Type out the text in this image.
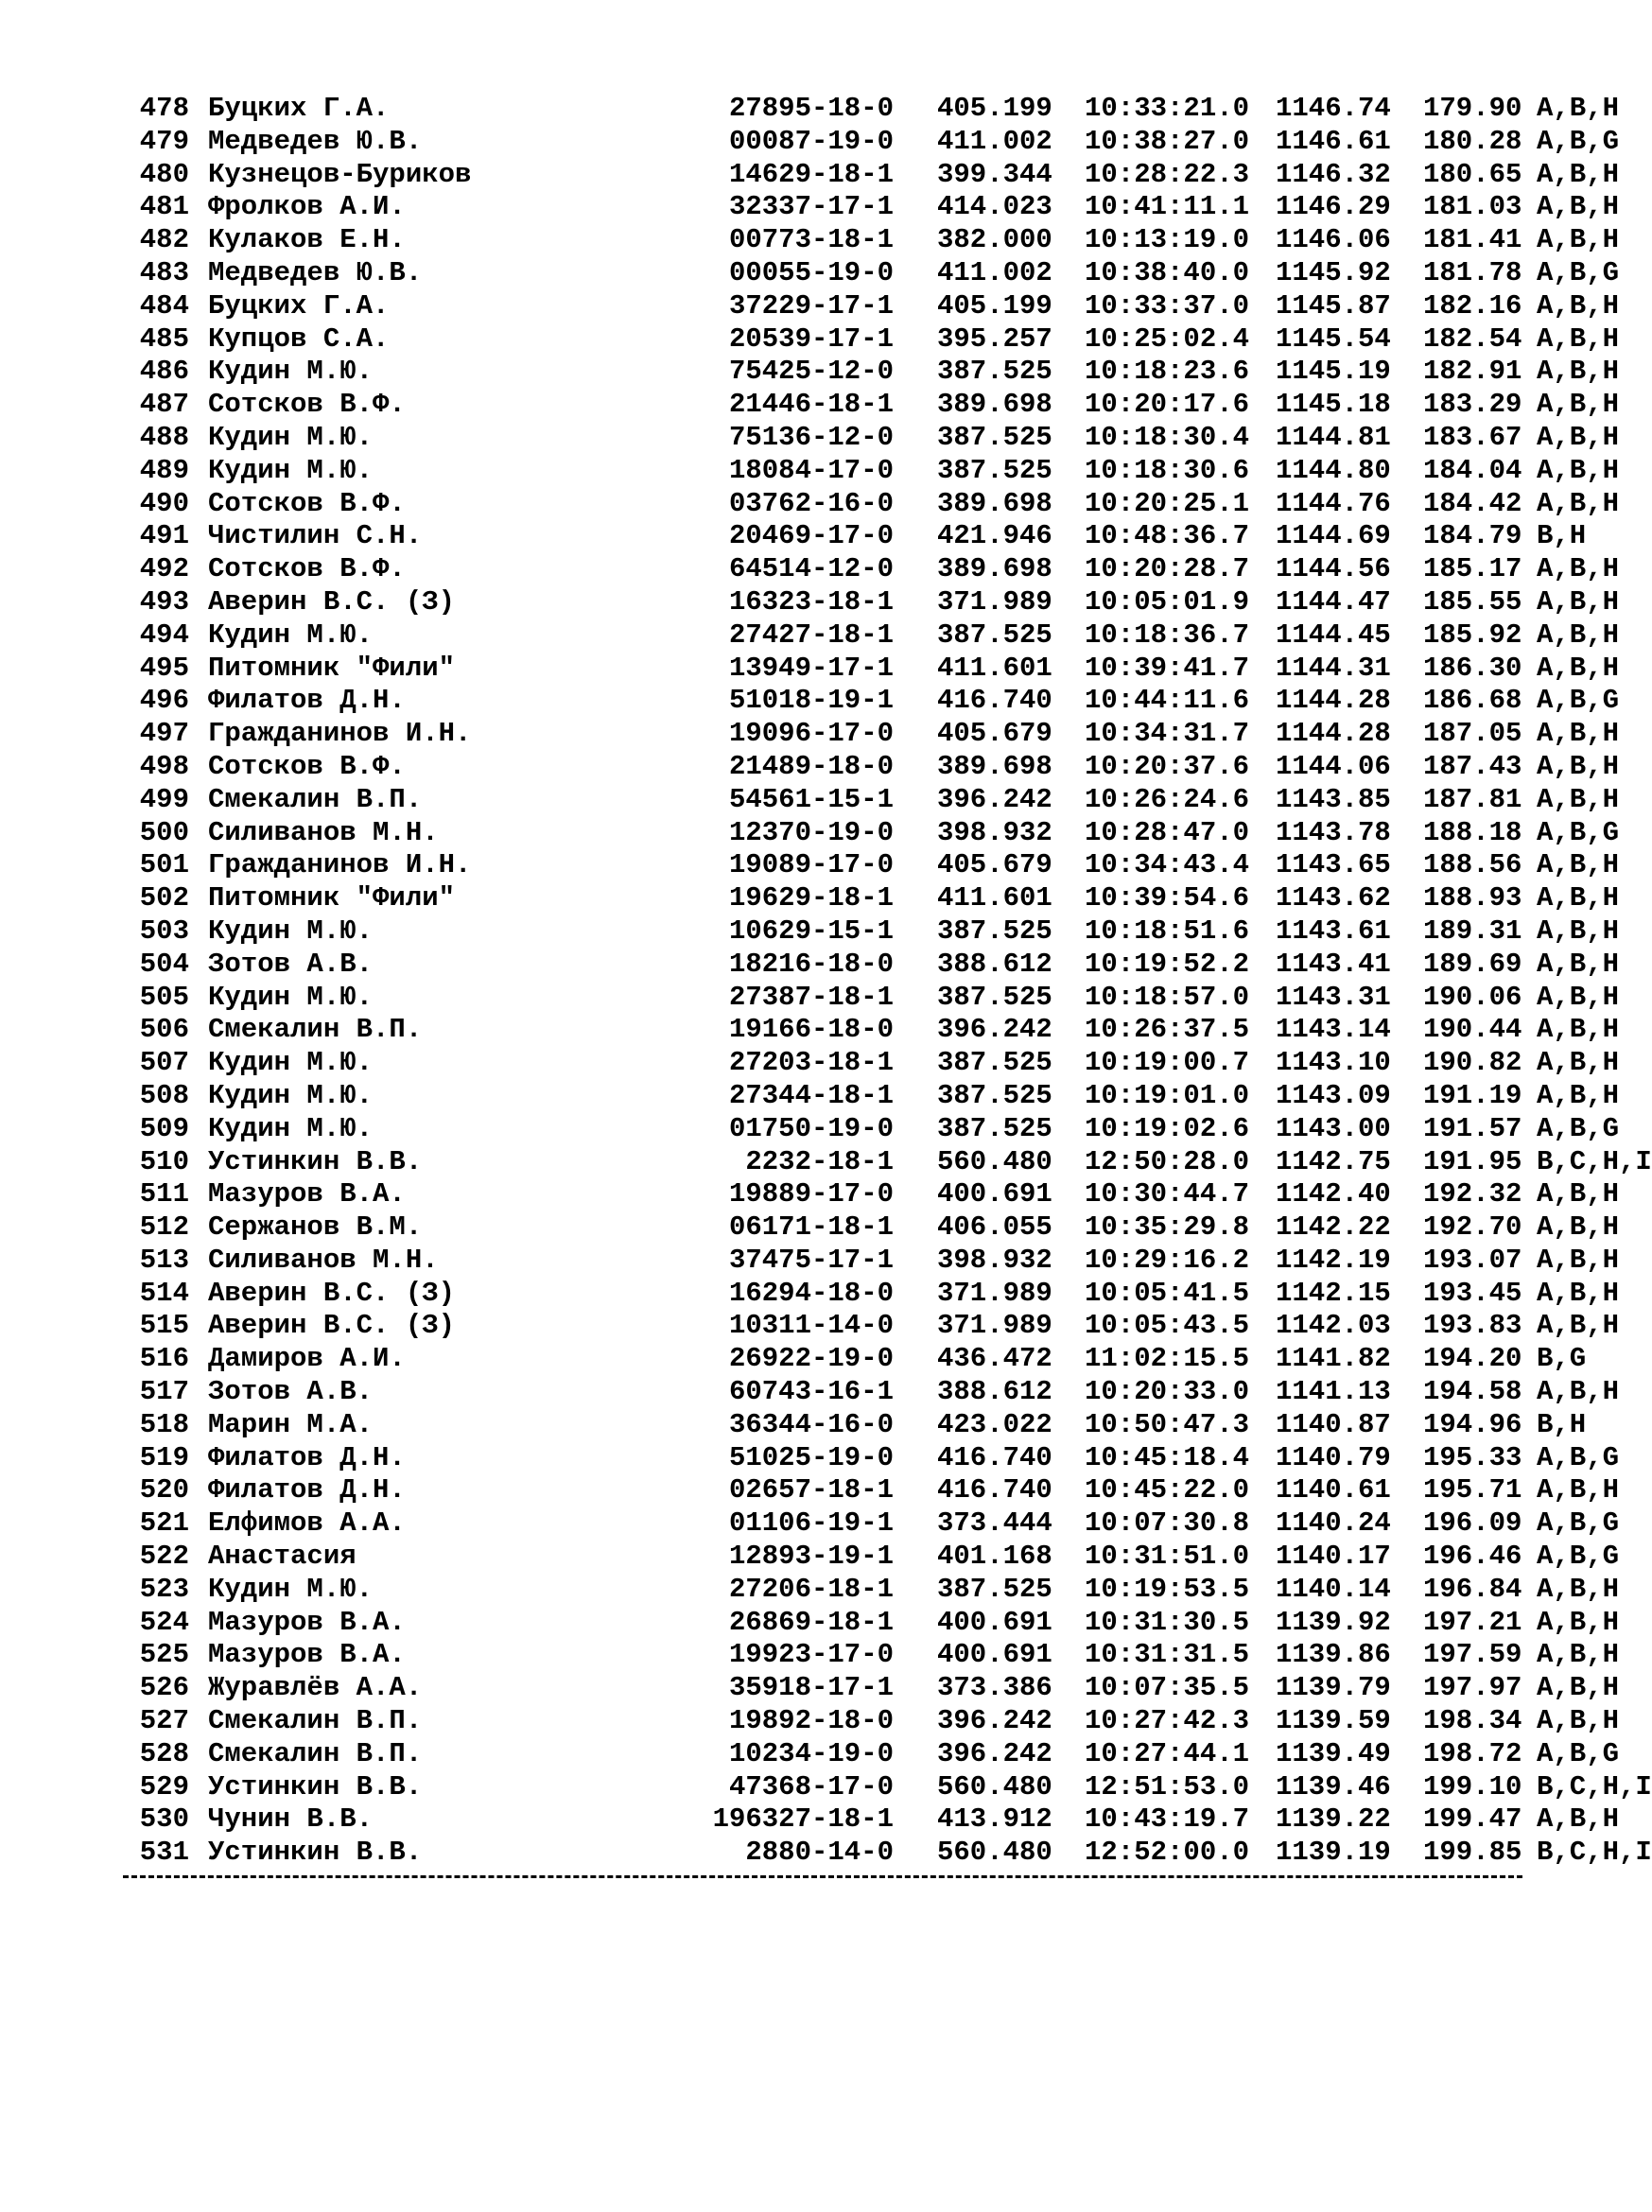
478 Буцких Г.А.	27895-18-0 405.199 10:33:21.0 1146.74 179.90 A,B,H
479 Медведев Ю.В.	00087-19-0 411.002 10:38:27.0 1146.61 180.28 A,B,G
480 Кузнецов-Буриков	14629-18-1 399.344 10:28:22.3 1146.32 180.65 A,B,H
481 Фролков А.И.	32337-17-1 414.023 10:41:11.1 1146.29 181.03 A,B,H
482 Кулаков Е.Н.	00773-18-1 382.000 10:13:19.0 1146.06 181.41 A,B,H
483 Медведев Ю.В.	00055-19-0 411.002 10:38:40.0 1145.92 181.78 A,B,G
484 Буцких Г.А.	37229-17-1 405.199 10:33:37.0 1145.87 182.16 A,B,H
485 Купцов С.А.	20539-17-1 395.257 10:25:02.4 1145.54 182.54 A,B,H
486 Кудин М.Ю.	75425-12-0 387.525 10:18:23.6 1145.19 182.91 A,B,H
487 Сотсков В.Ф.	21446-18-1 389.698 10:20:17.6 1145.18 183.29 A,B,H
488 Кудин М.Ю.	75136-12-0 387.525 10:18:30.4 1144.81 183.67 A,B,H
489 Кудин М.Ю.	18084-17-0 387.525 10:18:30.6 1144.80 184.04 A,B,H
490 Сотсков В.Ф.	03762-16-0 389.698 10:20:25.1 1144.76 184.42 A,B,H
491 Чистилин С.Н.	20469-17-0 421.946 10:48:36.7 1144.69 184.79 B,H
492 Сотсков В.Ф.	64514-12-0 389.698 10:20:28.7 1144.56 185.17 A,B,H
493 Аверин В.С. (З)	16323-18-1 371.989 10:05:01.9 1144.47 185.55 A,B,H
494 Кудин М.Ю.	27427-18-1 387.525 10:18:36.7 1144.45 185.92 A,B,H
495 Питомник "Фили"	13949-17-1 411.601 10:39:41.7 1144.31 186.30 A,B,H
496 Филатов Д.Н.	51018-19-1 416.740 10:44:11.6 1144.28 186.68 A,B,G
497 Гражданинов И.Н.	19096-17-0 405.679 10:34:31.7 1144.28 187.05 A,B,H
498 Сотсков В.Ф.	21489-18-0 389.698 10:20:37.6 1144.06 187.43 A,B,H
499 Смекалин В.П.	54561-15-1 396.242 10:26:24.6 1143.85 187.81 A,B,H
500 Силиванов М.Н.	12370-19-0 398.932 10:28:47.0 1143.78 188.18 A,B,G
501 Гражданинов И.Н.	19089-17-0 405.679 10:34:43.4 1143.65 188.56 A,B,H
502 Питомник "Фили"	19629-18-1 411.601 10:39:54.6 1143.62 188.93 A,B,H
503 Кудин М.Ю.	10629-15-1 387.525 10:18:51.6 1143.61 189.31 A,B,H
504 Зотов А.В.	18216-18-0 388.612 10:19:52.2 1143.41 189.69 A,B,H
505 Кудин М.Ю.	27387-18-1 387.525 10:18:57.0 1143.31 190.06 A,B,H
506 Смекалин В.П.	19166-18-0 396.242 10:26:37.5 1143.14 190.44 A,B,H
507 Кудин М.Ю.	27203-18-1 387.525 10:19:00.7 1143.10 190.82 A,B,H
508 Кудин М.Ю.	27344-18-1 387.525 10:19:01.0 1143.09 191.19 A,B,H
509 Кудин М.Ю.	01750-19-0 387.525 10:19:02.6 1143.00 191.57 A,B,G
510 Устинкин В.В.	2232-18-1 560.480 12:50:28.0 1142.75 191.95 B,C,H,I
511 Мазуров В.А.	19889-17-0 400.691 10:30:44.7 1142.40 192.32 A,B,H
512 Сержанов В.М.	06171-18-1 406.055 10:35:29.8 1142.22 192.70 A,B,H
513 Силиванов М.Н.	37475-17-1 398.932 10:29:16.2 1142.19 193.07 A,B,H
514 Аверин В.С. (З)	16294-18-0 371.989 10:05:41.5 1142.15 193.45 A,B,H
515 Аверин В.С. (З)	10311-14-0 371.989 10:05:43.5 1142.03 193.83 A,B,H
516 Дамиров А.И.	26922-19-0 436.472 11:02:15.5 1141.82 194.20 B,G
517 Зотов А.В.	60743-16-1 388.612 10:20:33.0 1141.13 194.58 A,B,H
518 Марин М.А.	36344-16-0 423.022 10:50:47.3 1140.87 194.96 B,H
519 Филатов Д.Н.	51025-19-0 416.740 10:45:18.4 1140.79 195.33 A,B,G
520 Филатов Д.Н.	02657-18-1 416.740 10:45:22.0 1140.61 195.71 A,B,H
521 Елфимов А.А.	01106-19-1 373.444 10:07:30.8 1140.24 196.09 A,B,G
522 Анастасия	12893-19-1 401.168 10:31:51.0 1140.17 196.46 A,B,G
523 Кудин М.Ю.	27206-18-1 387.525 10:19:53.5 1140.14 196.84 A,B,H
524 Мазуров В.А.	26869-18-1 400.691 10:31:30.5 1139.92 197.21 A,B,H
525 Мазуров В.А.	19923-17-0 400.691 10:31:31.5 1139.86 197.59 A,B,H
526 Журавлёв А.А.	35918-17-1 373.386 10:07:35.5 1139.79 197.97 A,B,H
527 Смекалин В.П.	19892-18-0 396.242 10:27:42.3 1139.59 198.34 A,B,H
528 Смекалин В.П.	10234-19-0 396.242 10:27:44.1 1139.49 198.72 A,B,G
529 Устинкин В.В.	47368-17-0 560.480 12:51:53.0 1139.46 199.10 B,C,H,I
530 Чунин В.В.	196327-18-1 413.912 10:43:19.7 1139.22 199.47 A,B,H
531 Устинкин В.В.	2880-14-0 560.480 12:52:00.0 1139.19 199.85 B,C,H,I
